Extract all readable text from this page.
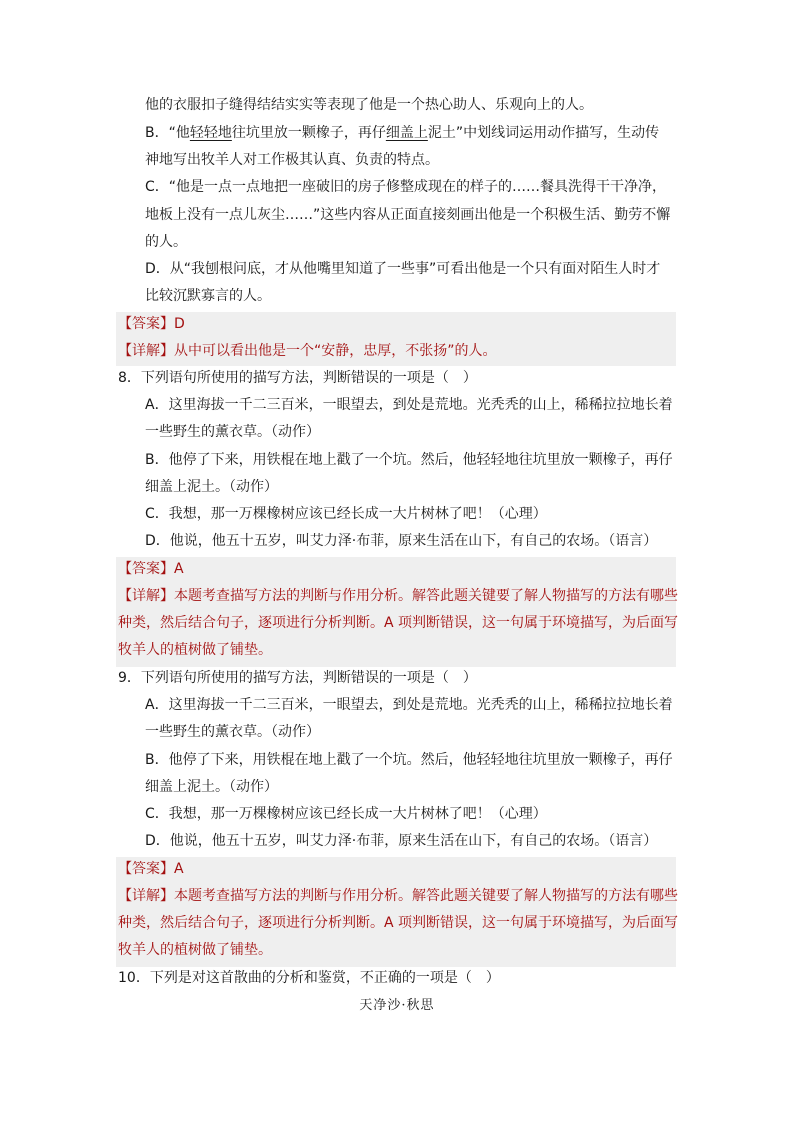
他的衣服扣子缝得结结实实等表现了他是一个热心助人、乐观向上的人。
B．“他轻轻地往坑里放一颗橡子，再仔细盖上泥土”中划线词运用动作描写，生动传
神地写出牧羊人对工作极其认真、负责的特点。
C．“他是一点一点地把一座破旧的房子修整成现在的样子的……餐具洗得干干净净，
地板上没有一点儿灰尘……”这些内容从正面直接刻画出他是一个积极生活、勤劳不懈
的人。
D．从“我刨根问底，才从他嘴里知道了一些事”可看出他是一个只有面对陌生人时才
比较沉默寡言的人。
【答案】D
【详解】从中可以看出他是一个“安静，忠厚，不张扬”的人。
8．下列语句所使用的描写方法，判断错误的一项是（　）
A．这里海拔一千二三百米，一眼望去，到处是荒地。光秃秃的山上，稀稀拉拉地长着
一些野生的薰衣草。（动作）
B．他停了下来，用铁棍在地上戳了一个坑。然后，他轻轻地往坑里放一颗橡子，再仔
细盖上泥土。（动作）
C．我想，那一万棵橡树应该已经长成一大片树林了吧！（心理）
D．他说，他五十五岁，叫艾力泽·布菲，原来生活在山下，有自己的农场。（语言）
【答案】A
【详解】本题考查描写方法的判断与作用分析。解答此题关键要了解人物描写的方法有哪些
种类，然后结合句子，逐项进行分析判断。A 项判断错误，这一句属于环境描写，为后面写
牧羊人的植树做了铺垫。
9．下列语句所使用的描写方法，判断错误的一项是（　）
A．这里海拔一千二三百米，一眼望去，到处是荒地。光秃秃的山上，稀稀拉拉地长着
一些野生的薰衣草。（动作）
B．他停了下来，用铁棍在地上戳了一个坑。然后，他轻轻地往坑里放一颗橡子，再仔
细盖上泥土。（动作）
C．我想，那一万棵橡树应该已经长成一大片树林了吧！（心理）
D．他说，他五十五岁，叫艾力泽·布菲，原来生活在山下，有自己的农场。（语言）
【答案】A
【详解】本题考查描写方法的判断与作用分析。解答此题关键要了解人物描写的方法有哪些
种类，然后结合句子，逐项进行分析判断。A 项判断错误，这一句属于环境描写，为后面写
牧羊人的植树做了铺垫。
10．下列是对这首散曲的分析和鉴赏，不正确的一项是（　）
天净沙·秋思
